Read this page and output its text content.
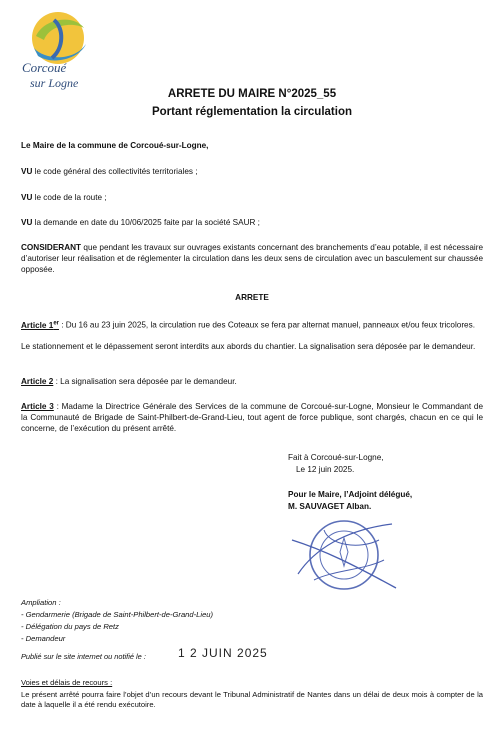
Corcoué
sur Logne
ARRETE DU MAIRE N°2025_55
Portant réglementation la circulation
Le Maire de la commune de Corcoué-sur-Logne,
VU le code général des collectivités territoriales ;
VU le code de la route ;
VU la demande en date du 10/06/2025 faite par la société SAUR ;
CONSIDERANT que pendant les travaux sur ouvrages existants concernant des branchements d’eau potable, il est nécessaire d’autoriser leur réalisation et de réglementer la circulation dans les deux sens de circulation avec un basculement sur chaussée opposée.
ARRETE
Article 1er : Du 16 au 23 juin 2025, la circulation rue des Coteaux se fera par alternat manuel, panneaux et/ou feux tricolores.
Le stationnement et le dépassement seront interdits aux abords du chantier. La signalisation sera déposée par le demandeur.
Article 2 : La signalisation sera déposée par le demandeur.
Article 3 : Madame la Directrice Générale des Services de la commune de Corcoué-sur-Logne, Monsieur le Commandant de la Communauté de Brigade de Saint-Philbert-de-Grand-Lieu, tout agent de force publique, sont chargés, chacun en ce qui le concerne, de l’exécution du présent arrêté.
Fait à Corcoué-sur-Logne,
Le 12 juin 2025.
Pour le Maire, l’Adjoint délégué,
M. SAUVAGET Alban.
Ampliation :
- Gendarmerie (Brigade de Saint-Philbert-de-Grand-Lieu)
- Délégation du pays de Retz
- Demandeur
Publié sur le site internet ou notifié le :	1 2 JUIN 2025
Voies et délais de recours :
Le présent arrêté pourra faire l’objet d’un recours devant le Tribunal Administratif de Nantes dans un délai de deux mois à compter de la date à laquelle il a été rendu exécutoire.
